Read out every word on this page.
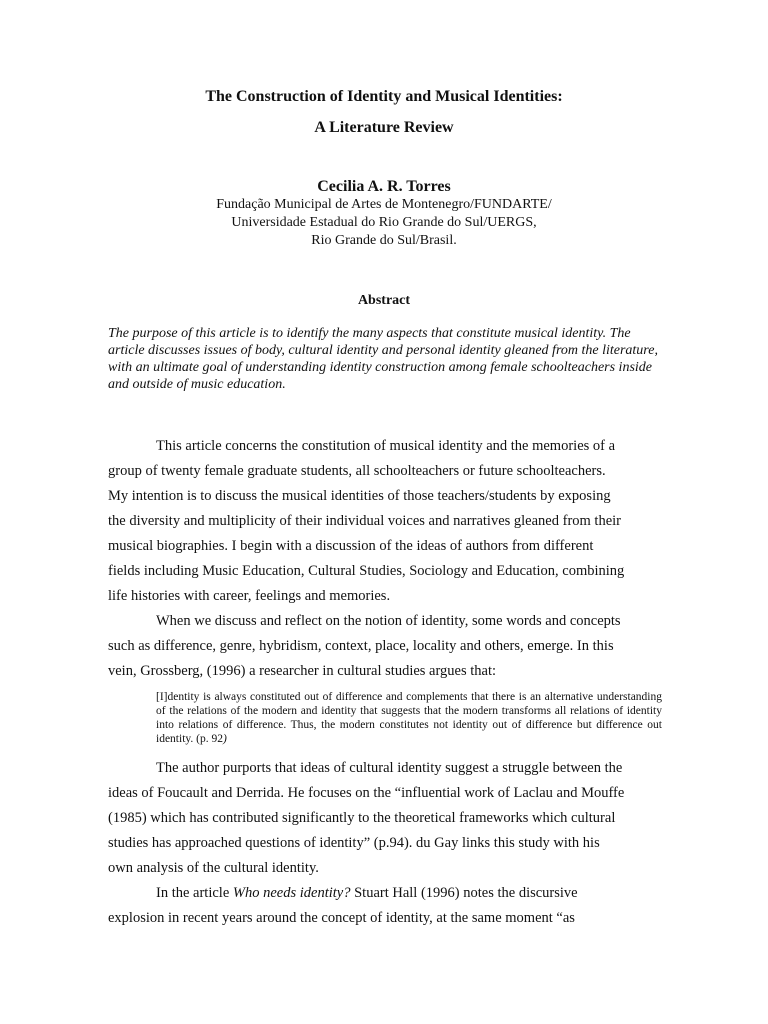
The Construction of Identity and Musical Identities:
A Literature Review
Cecilia A. R. Torres
Fundação Municipal de Artes de Montenegro/FUNDARTE/
Universidade Estadual do Rio Grande do Sul/UERGS,
Rio Grande do Sul/Brasil.
Abstract
The purpose of this article is to identify the many aspects that constitute musical identity. The article discusses issues of body, cultural identity and personal identity gleaned from the literature, with an ultimate goal of understanding identity construction among female schoolteachers inside and outside of music education.
This article concerns the constitution of musical identity and the memories of a
group of twenty female graduate students, all schoolteachers or future schoolteachers.
My intention is to discuss the musical identities of those teachers/students by exposing
the diversity and multiplicity of their individual voices and narratives gleaned from their
musical biographies. I begin with a discussion of the ideas of authors from different
fields including Music Education, Cultural Studies, Sociology and Education, combining
life histories with career, feelings and memories.
When we discuss and reflect on the notion of identity, some words and concepts
such as difference, genre, hybridism, context, place, locality and others, emerge. In this
vein, Grossberg, (1996) a researcher in cultural studies argues that:
[I]dentity is always constituted out of difference and complements that there is an alternative understanding of the relations of the modern and identity that suggests that the modern transforms all relations of identity into relations of difference. Thus, the modern constitutes not identity out of difference but difference out identity. (p. 92)
The author purports that ideas of cultural identity suggest a struggle between the
ideas of Foucault and Derrida. He focuses on the “influential work of Laclau and Mouffe
(1985) which has contributed significantly to the theoretical frameworks which cultural
studies has approached questions of identity” (p.94). du Gay links this study with his
own analysis of the cultural identity.
In the article Who needs identity? Stuart Hall (1996) notes the discursive
explosion in recent years around the concept of identity, at the same moment “as
